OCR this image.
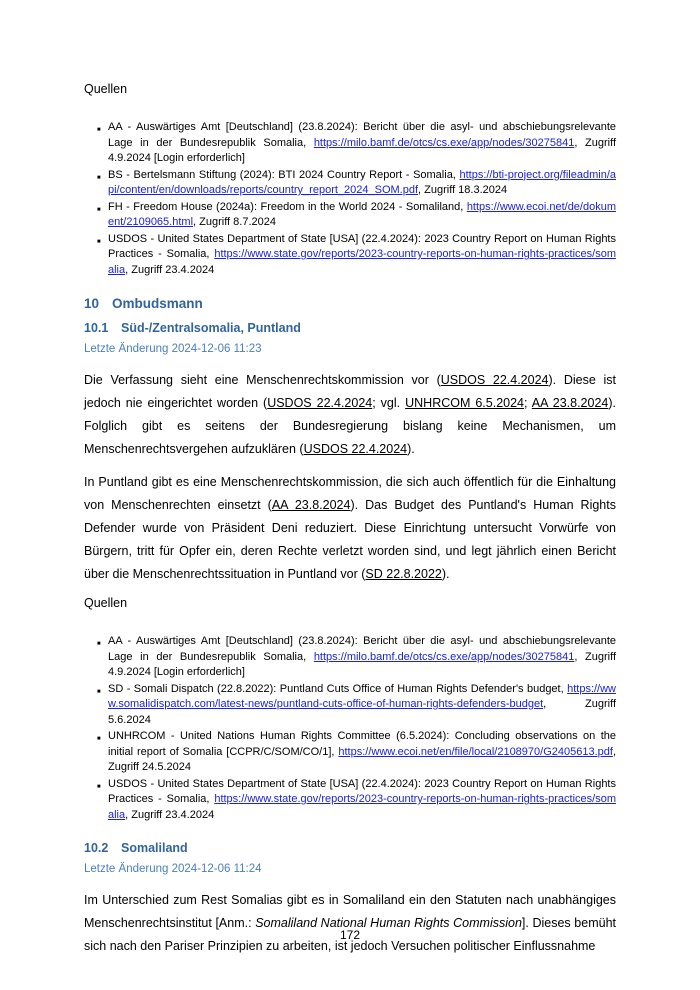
Quellen

■ AA - Auswärtiges Amt [Deutschland] (23.8.2024): Bericht über die asyl- und abschiebungsrelevante Lage in der Bundesrepublik Somalia, https://milo.bamf.de/otcs/cs.exe/app/nodes/30275841, Zugriff 4.9.2024 [Login erforderlich]
■ BS - Bertelsmann Stiftung (2024): BTI 2024 Country Report - Somalia, https://bti-project.org/fileadmin/api/content/en/downloads/reports/country_report_2024_SOM.pdf, Zugriff 18.3.2024
■ FH - Freedom House (2024a): Freedom in the World 2024 - Somaliland, https://www.ecoi.net/de/dokument/2109065.html, Zugriff 8.7.2024
■ USDOS - United States Department of State [USA] (22.4.2024): 2023 Country Report on Human Rights Practices - Somalia, https://www.state.gov/reports/2023-country-reports-on-human-rights-practices/somalia, Zugriff 23.4.2024
10 Ombudsmann
10.1 Süd-/Zentralsomalia, Puntland

Letzte Änderung 2024-12-06 11:23

Die Verfassung sieht eine Menschenrechtskommission vor (USDOS 22.4.2024). Diese ist jedoch nie eingerichtet worden (USDOS 22.4.2024; vgl. UNHRCOM 6.5.2024; AA 23.8.2024). Folglich gibt es seitens der Bundesregierung bislang keine Mechanismen, um Menschenrechtsvergehen aufzuklären (USDOS 22.4.2024).

In Puntland gibt es eine Menschenrechtskommission, die sich auch öffentlich für die Einhaltung von Menschenrechten einsetzt (AA 23.8.2024). Das Budget des Puntland's Human Rights Defender wurde von Präsident Deni reduziert. Diese Einrichtung untersucht Vorwürfe von Bürgern, tritt für Opfer ein, deren Rechte verletzt worden sind, und legt jährlich einen Bericht über die Menschenrechtssituation in Puntland vor (SD 22.8.2022).

Quellen

■ AA - Auswärtiges Amt [Deutschland] (23.8.2024): Bericht über die asyl- und abschiebungsrelevante Lage in der Bundesrepublik Somalia, https://milo.bamf.de/otcs/cs.exe/app/nodes/30275841, Zugriff 4.9.2024 [Login erforderlich]
■ SD - Somali Dispatch (22.8.2022): Puntland Cuts Office of Human Rights Defender's budget, https://www.somalidispatch.com/latest-news/puntland-cuts-office-of-human-rights-defenders-budget, Zugriff 5.6.2024
■ UNHRCOM - United Nations Human Rights Committee (6.5.2024): Concluding observations on the initial report of Somalia [CCPR/C/SOM/CO/1], https://www.ecoi.net/en/file/local/2108970/G2405613.pdf, Zugriff 24.5.2024
■ USDOS - United States Department of State [USA] (22.4.2024): 2023 Country Report on Human Rights Practices - Somalia, https://www.state.gov/reports/2023-country-reports-on-human-rights-practices/somalia, Zugriff 23.4.2024
10.2 Somaliland

Letzte Änderung 2024-12-06 11:24

Im Unterschied zum Rest Somalias gibt es in Somaliland ein den Statuten nach unabhängiges Menschenrechtsinstitut [Anm.: Somaliland National Human Rights Commission]. Dieses bemüht sich nach den Pariser Prinzipien zu arbeiten, ist jedoch Versuchen politischer Einflussnahme

172
